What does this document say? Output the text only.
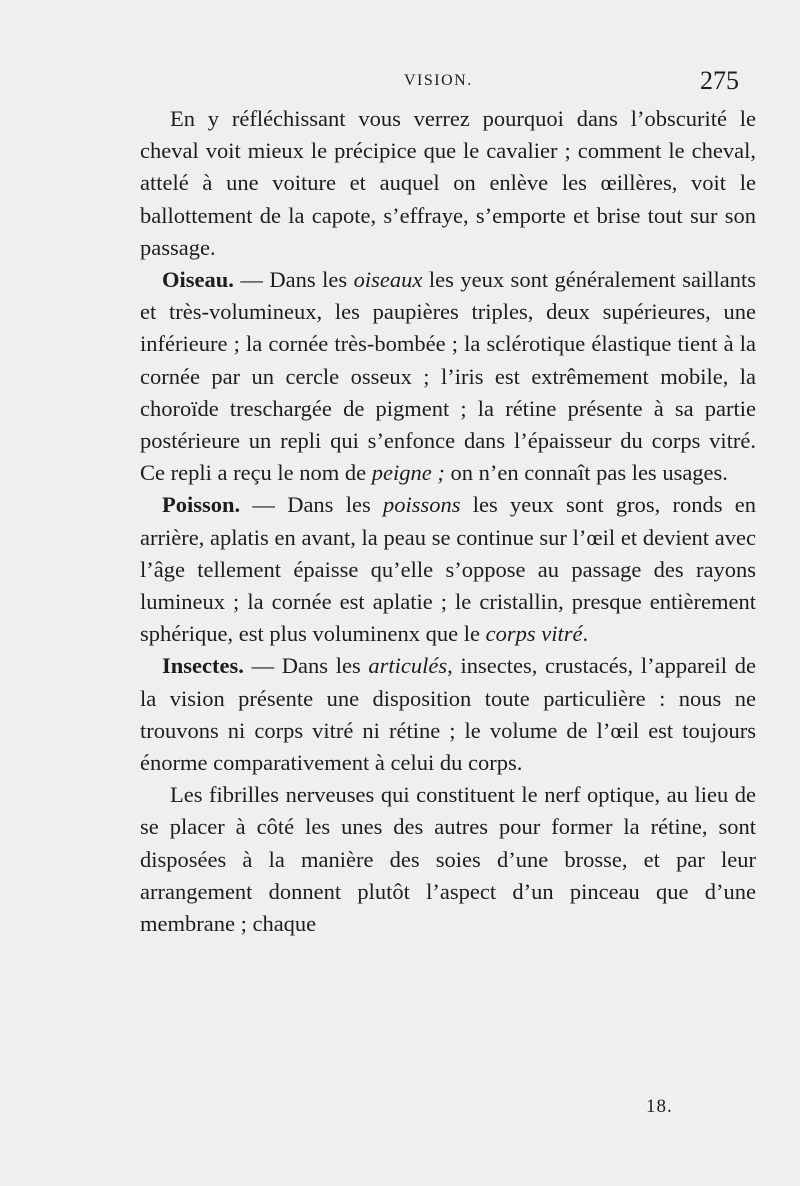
VISION.	275

En y réfléchissant vous verrez pourquoi dans l’obscurité le cheval voit mieux le précipice que le cavalier ; comment le cheval, attelé à une voiture et auquel on enlève les œillères, voit le ballottement de la capote, s’effraye, s’emporte et brise tout sur son passage.

Oiseau. — Dans les oiseaux les yeux sont généralement saillants et très-volumineux, les paupières triples, deux supérieures, une inférieure ; la cornée très-bombée ; la sclérotique élastique tient à la cornée par un cercle osseux ; l’iris est extrêmement mobile, la choroïde treschargée de pigment ; la rétine présente à sa partie postérieure un repli qui s’enfonce dans l’épaisseur du corps vitré. Ce repli a reçu le nom de peigne ; on n’en connaît pas les usages.

Poisson. — Dans les poissons les yeux sont gros, ronds en arrière, aplatis en avant, la peau se continue sur l’œil et devient avec l’âge tellement épaisse qu’elle s’oppose au passage des rayons lumineux ; la cornée est aplatie ; le cristallin, presque entièrement sphérique, est plus voluminenx que le corps vitré.

Insectes. — Dans les articulés, insectes, crustacés, l’appareil de la vision présente une disposition toute particulière : nous ne trouvons ni corps vitré ni rétine ; le volume de l’œil est toujours énorme comparativement à celui du corps.

Les fibrilles nerveuses qui constituent le nerf optique, au lieu de se placer à côté les unes des autres pour former la rétine, sont disposées à la manière des soies d’une brosse, et par leur arrangement donnent plutôt l’aspect d’un pinceau que d’une membrane ; chaque

18.
